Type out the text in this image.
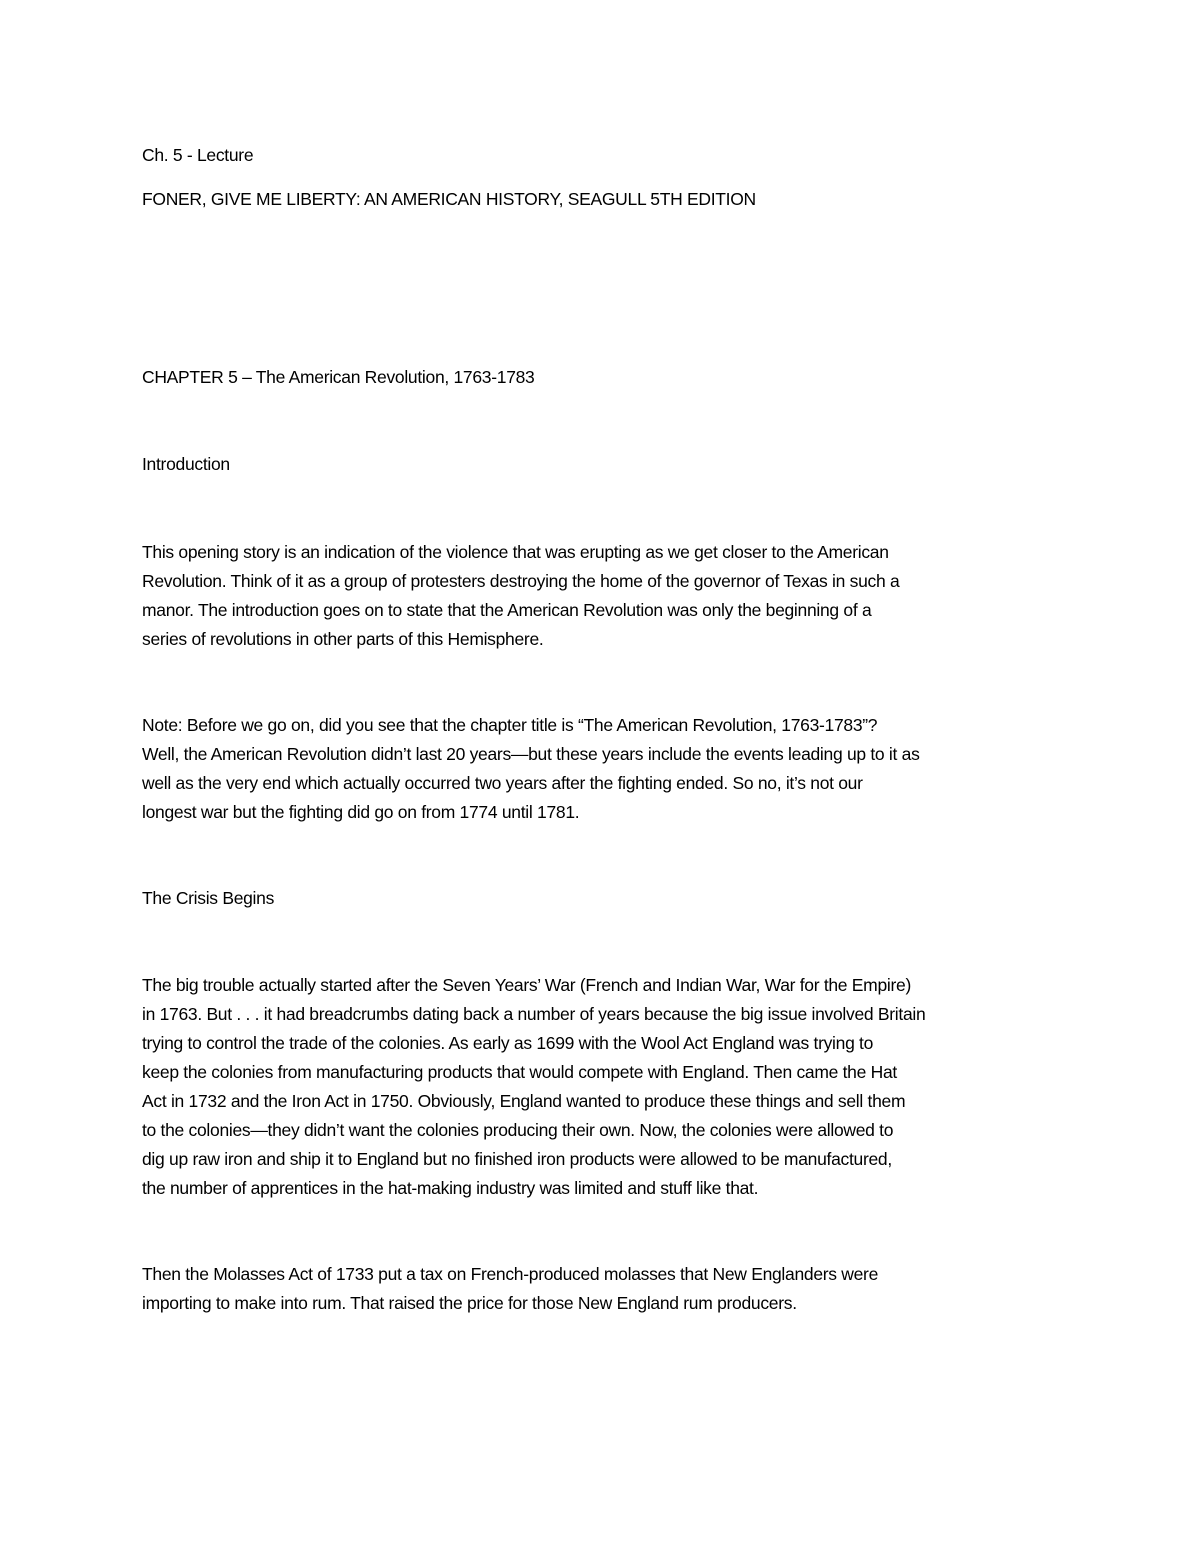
Ch. 5 - Lecture

FONER, GIVE ME LIBERTY: AN AMERICAN HISTORY, SEAGULL 5TH EDITION

CHAPTER 5 – The American Revolution, 1763-1783

Introduction

This opening story is an indication of the violence that was erupting as we get closer to the American
Revolution. Think of it as a group of protesters destroying the home of the governor of Texas in such a
manor. The introduction goes on to state that the American Revolution was only the beginning of a
series of revolutions in other parts of this Hemisphere.

Note: Before we go on, did you see that the chapter title is “The American Revolution, 1763-1783”?
Well, the American Revolution didn’t last 20 years—but these years include the events leading up to it as
well as the very end which actually occurred two years after the fighting ended. So no, it’s not our
longest war but the fighting did go on from 1774 until 1781.

The Crisis Begins

The big trouble actually started after the Seven Years’ War (French and Indian War, War for the Empire)
in 1763. But . . . it had breadcrumbs dating back a number of years because the big issue involved Britain
trying to control the trade of the colonies. As early as 1699 with the Wool Act England was trying to
keep the colonies from manufacturing products that would compete with England. Then came the Hat
Act in 1732 and the Iron Act in 1750. Obviously, England wanted to produce these things and sell them
to the colonies—they didn’t want the colonies producing their own. Now, the colonies were allowed to
dig up raw iron and ship it to England but no finished iron products were allowed to be manufactured,
the number of apprentices in the hat-making industry was limited and stuff like that.

Then the Molasses Act of 1733 put a tax on French-produced molasses that New Englanders were
importing to make into rum. That raised the price for those New England rum producers.
